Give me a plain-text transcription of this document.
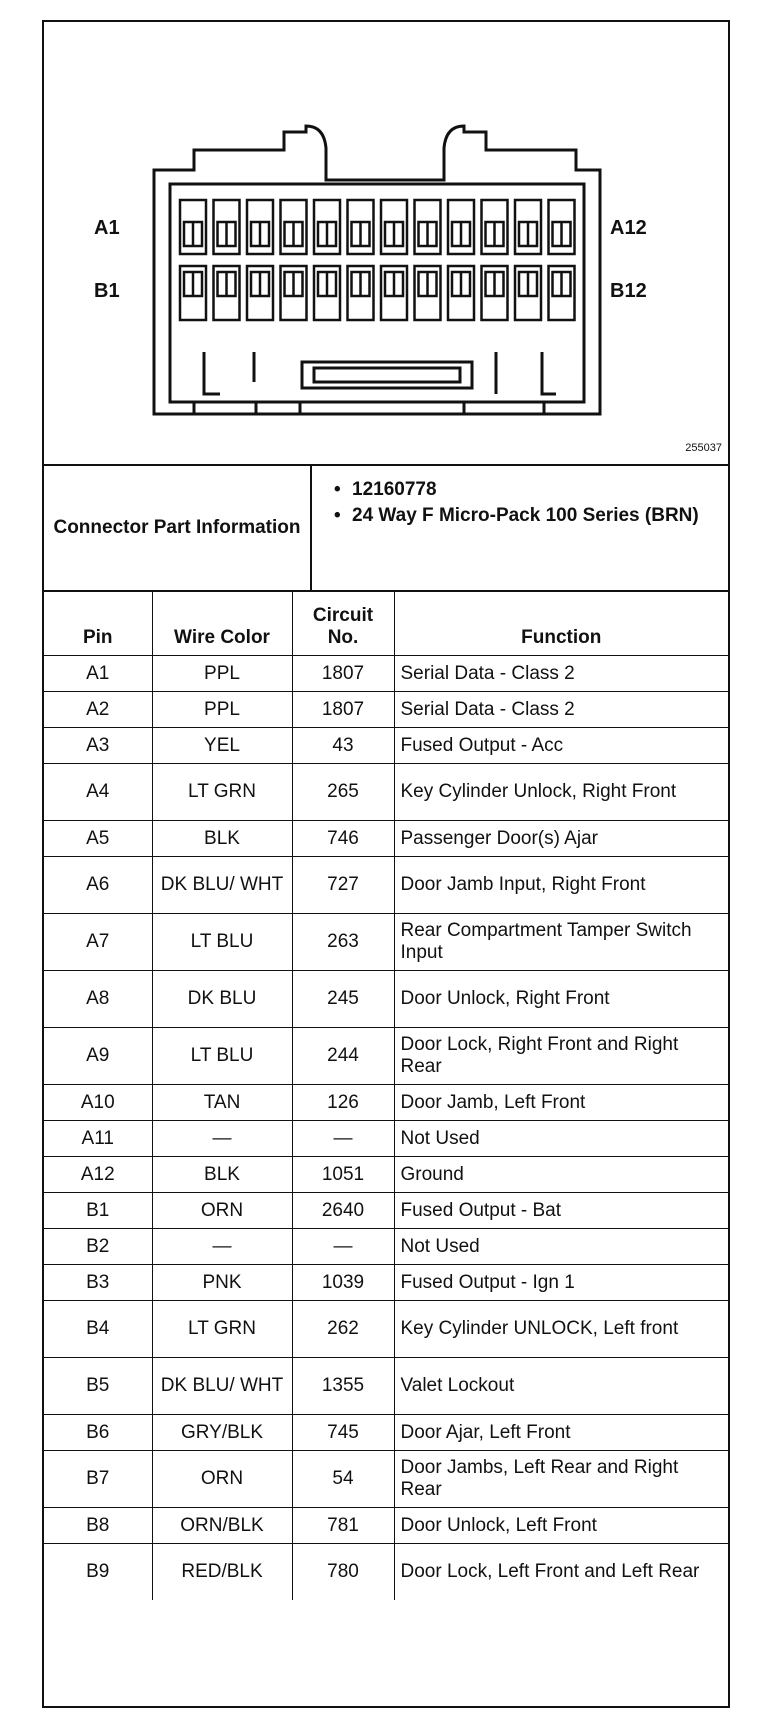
A1
B1
A12
B12
255037
Connector Part Information
• 12160778
• 24 Way F Micro-Pack 100 Series (BRN)
Pin	Wire Color	Circuit No.	Function
A1	PPL	1807	Serial Data - Class 2
A2	PPL	1807	Serial Data - Class 2
A3	YEL	43	Fused Output - Acc
A4	LT GRN	265	Key Cylinder Unlock, Right Front
A5	BLK	746	Passenger Door(s) Ajar
A6	DK BLU/ WHT	727	Door Jamb Input, Right Front
A7	LT BLU	263	Rear Compartment Tamper Switch Input
A8	DK BLU	245	Door Unlock, Right Front
A9	LT BLU	244	Door Lock, Right Front and Right Rear
A10	TAN	126	Door Jamb, Left Front
A11	—	—	Not Used
A12	BLK	1051	Ground
B1	ORN	2640	Fused Output - Bat
B2	—	—	Not Used
B3	PNK	1039	Fused Output - Ign 1
B4	LT GRN	262	Key Cylinder UNLOCK, Left front
B5	DK BLU/ WHT	1355	Valet Lockout
B6	GRY/BLK	745	Door Ajar, Left Front
B7	ORN	54	Door Jambs, Left Rear and Right Rear
B8	ORN/BLK	781	Door Unlock, Left Front
B9	RED/BLK	780	Door Lock, Left Front and Left Rear
